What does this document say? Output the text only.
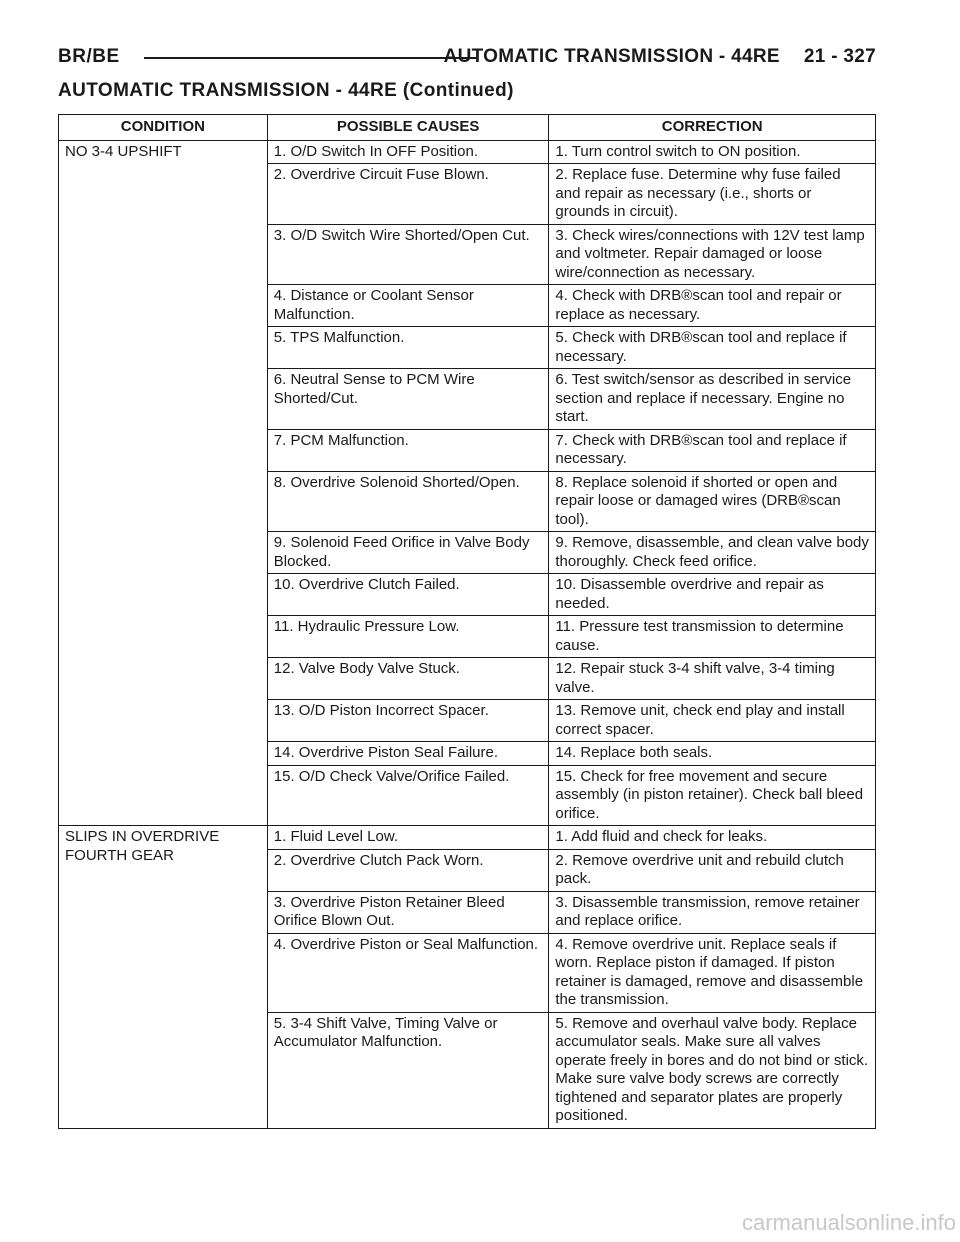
BR/BE	AUTOMATIC TRANSMISSION - 44RE 21 - 327
AUTOMATIC TRANSMISSION - 44RE (Continued)
CONDITION	POSSIBLE CAUSES	CORRECTION
NO 3-4 UPSHIFT	1. O/D Switch In OFF Position.	1. Turn control switch to ON position.
	2. Overdrive Circuit Fuse Blown.	2. Replace fuse. Determine why fuse failed and repair as necessary (i.e., shorts or grounds in circuit).
	3. O/D Switch Wire Shorted/Open Cut.	3. Check wires/connections with 12V test lamp and voltmeter. Repair damaged or loose wire/connection as necessary.
	4. Distance or Coolant Sensor Malfunction.	4. Check with DRB®scan tool and repair or replace as necessary.
	5. TPS Malfunction.	5. Check with DRB®scan tool and replace if necessary.
	6. Neutral Sense to PCM Wire Shorted/Cut.	6. Test switch/sensor as described in service section and replace if necessary. Engine no start.
	7. PCM Malfunction.	7. Check with DRB®scan tool and replace if necessary.
	8. Overdrive Solenoid Shorted/Open.	8. Replace solenoid if shorted or open and repair loose or damaged wires (DRB®scan tool).
	9. Solenoid Feed Orifice in Valve Body Blocked.	9. Remove, disassemble, and clean valve body thoroughly. Check feed orifice.
	10. Overdrive Clutch Failed.	10. Disassemble overdrive and repair as needed.
	11. Hydraulic Pressure Low.	11. Pressure test transmission to determine cause.
	12. Valve Body Valve Stuck.	12. Repair stuck 3-4 shift valve, 3-4 timing valve.
	13. O/D Piston Incorrect Spacer.	13. Remove unit, check end play and install correct spacer.
	14. Overdrive Piston Seal Failure.	14. Replace both seals.
	15. O/D Check Valve/Orifice Failed.	15. Check for free movement and secure assembly (in piston retainer). Check ball bleed orifice.
SLIPS IN OVERDRIVE FOURTH GEAR	1. Fluid Level Low.	1. Add fluid and check for leaks.
	2. Overdrive Clutch Pack Worn.	2. Remove overdrive unit and rebuild clutch pack.
	3. Overdrive Piston Retainer Bleed Orifice Blown Out.	3. Disassemble transmission, remove retainer and replace orifice.
	4. Overdrive Piston or Seal Malfunction.	4. Remove overdrive unit. Replace seals if worn. Replace piston if damaged. If piston retainer is damaged, remove and disassemble the transmission.
	5. 3-4 Shift Valve, Timing Valve or Accumulator Malfunction.	5. Remove and overhaul valve body. Replace accumulator seals. Make sure all valves operate freely in bores and do not bind or stick. Make sure valve body screws are correctly tightened and separator plates are properly positioned.
carmanualsonline.info
